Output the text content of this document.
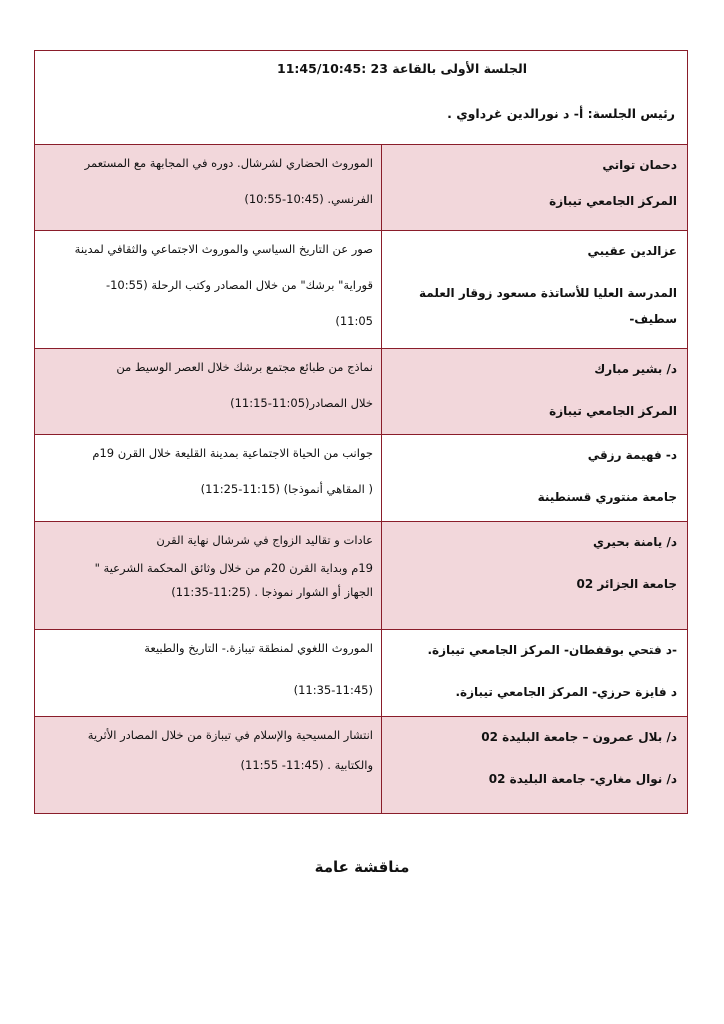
الجلسة الأولى بالقاعة 23 :11:45/10:45
رئيس الجلسة: أ- د نورالدين غرداوي .

دحمان تواتي

المركز الجامعي تيبازة

الموروث الحضاري لشرشال. دوره في المجابهة مع المستعمر

الفرنسي. (10:45-10:55)

عزالدين عقيبي

المدرسة العليا للأساتذة مسعود زوقار العلمة

سطيف-

صور عن التاريخ السياسي والموروث الاجتماعي والثقافي لمدينة

قوراية" برشك" من خلال المصادر وكتب الرحلة (10:55-

11:05)

د/ بشير مبارك

المركز الجامعي تيبازة

نماذج من طبائع مجتمع برشك خلال العصر الوسيط من

خلال المصادر(11:05-11:15)

د- فهيمة رزقي

جامعة منتوري قسنطينة

جوانب من الحياة الاجتماعية بمدينة القليعة خلال القرن 19م

( المقاهي أنموذجا) (11:15-11:25)

د/ يامنة بحيري

جامعة الجزائر 02

عادات و تقاليد الزواج في شرشال نهاية القرن

19م وبداية القرن 20م من خلال وثائق المحكمة الشرعية "

الجهاز أو الشوار نموذجا . (11:25-11:35)

-د فتحي بوقفطان- المركز الجامعي تيبازة.

د فايزة حرزي- المركز الجامعي تيبازة.

الموروث اللغوي لمنطقة تيبازة.- التاريخ والطبيعة

(11:35-11:45)

د/ بلال عمرون – جامعة البليدة 02

د/ نوال مغاري- جامعة البليدة 02

انتشار المسيحية والإسلام في تيبازة من خلال المصادر الأثرية

والكتابية . (11:45- 11:55)

مناقشة عامة
